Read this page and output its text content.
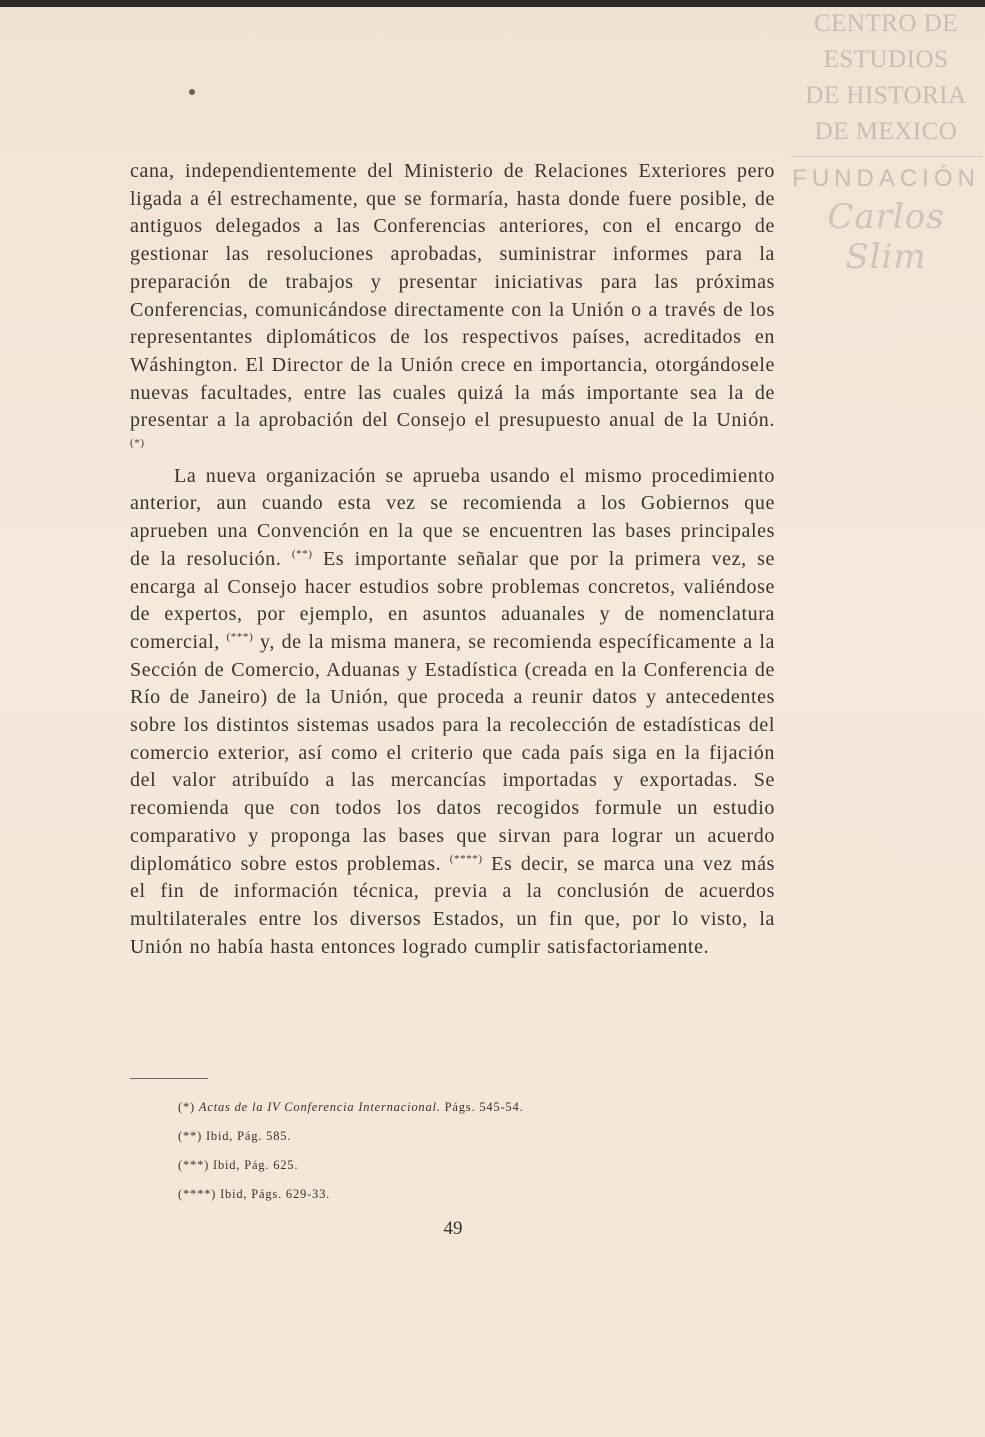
CENTRO DE
ESTUDIOS
DE HISTORIA
DE MEXICO
FUNDACIÓN
Carlos Slim

cana, independientemente del Ministerio de Relaciones Exteriores pero ligada a él estrechamente, que se formaría, hasta donde fuere posible, de antiguos delegados a las Conferencias anteriores, con el encargo de gestionar las resoluciones aprobadas, suministrar informes para la preparación de trabajos y presentar iniciativas para las próximas Conferencias, comunicándose directamente con la Unión o a través de los representantes diplomáticos de los respectivos países, acreditados en Wáshington. El Director de la Unión crece en importancia, otorgándosele nuevas facultades, entre las cuales quizá la más importante sea la de presentar a la aprobación del Consejo el presupuesto anual de la Unión. (*)

La nueva organización se aprueba usando el mismo procedimiento anterior, aun cuando esta vez se recomienda a los Gobiernos que aprueben una Convención en la que se encuentren las bases principales de la resolución. (**) Es importante señalar que por la primera vez, se encarga al Consejo hacer estudios sobre problemas concretos, valiéndose de expertos, por ejemplo, en asuntos aduanales y de nomenclatura comercial, (***) y, de la misma manera, se recomienda específicamente a la Sección de Comercio, Aduanas y Estadística (creada en la Conferencia de Río de Janeiro) de la Unión, que proceda a reunir datos y antecedentes sobre los distintos sistemas usados para la recolección de estadísticas del comercio exterior, así como el criterio que cada país siga en la fijación del valor atribuído a las mercancías importadas y exportadas. Se recomienda que con todos los datos recogidos formule un estudio comparativo y proponga las bases que sirvan para lograr un acuerdo diplomático sobre estos problemas. (****) Es decir, se marca una vez más el fin de información técnica, previa a la conclusión de acuerdos multilaterales entre los diversos Estados, un fin que, por lo visto, la Unión no había hasta entonces logrado cumplir satisfactoriamente.

(*) Actas de la IV Conferencia Internacional. Págs. 545-54.
(**) Ibid, Pág. 585.
(***) Ibid, Pág. 625.
(****) Ibid, Págs. 629-33.
49
